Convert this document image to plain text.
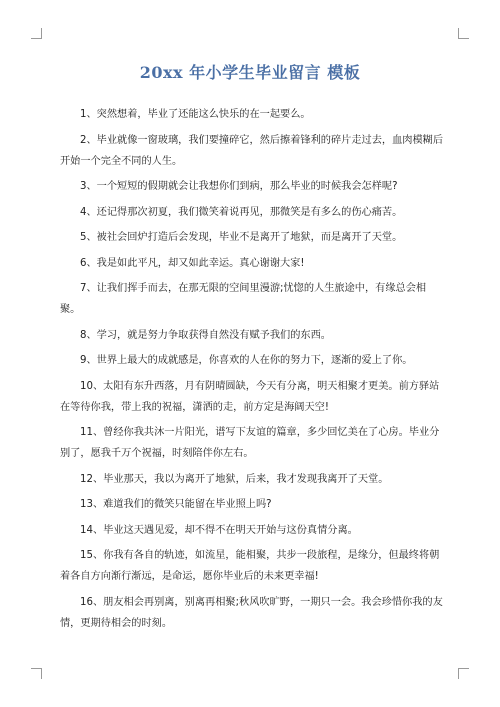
20xx 年小学生毕业留言 模板

1、突然想着，毕业了还能这么快乐的在一起要么。

2、毕业就像一窗玻璃，我们要撞碎它，然后擦着锋利的碎片走过去，血肉模糊后开始一个完全不同的人生。

3、一个短短的假期就会让我想你们到病，那么毕业的时候我会怎样呢?

4、还记得那次初夏，我们微笑着说再见，那微笑是有多么的伤心痛苦。

5、被社会回炉打造后会发现，毕业不是离开了地狱，而是离开了天堂。

6、我是如此平凡，却又如此幸运。真心谢谢大家!

7、让我们挥手而去，在那无限的空间里漫游;忧惚的人生旅途中，有缘总会相聚。

8、学习，就是努力争取获得自然没有赋予我们的东西。

9、世界上最大的成就感是，你喜欢的人在你的努力下，逐渐的爱上了你。

10、太阳有东升西落，月有阴晴圆缺，今天有分离，明天相聚才更美。前方驿站在等待你我，带上我的祝福，潇洒的走，前方定是海阔天空!

11、曾经你我共沐一片阳光，谱写下友谊的篇章，多少回忆美在了心房。毕业分别了，愿我千万个祝福，时刻陪伴你左右。

12、毕业那天，我以为离开了地狱，后来，我才发现我离开了天堂。

13、难道我们的微笑只能留在毕业照上吗?

14、毕业这天遇见爱，却不得不在明天开始与这份真情分离。

15、你我有各自的轨迹，如流星，能相聚，共步一段旅程，是缘分，但最终将朝着各自方向渐行渐远，是命运，愿你毕业后的未来更幸福!

16、朋友相会再别离，别离再相聚;秋风吹旷野，一期只一会。我会珍惜你我的友情，更期待相会的时刻。
